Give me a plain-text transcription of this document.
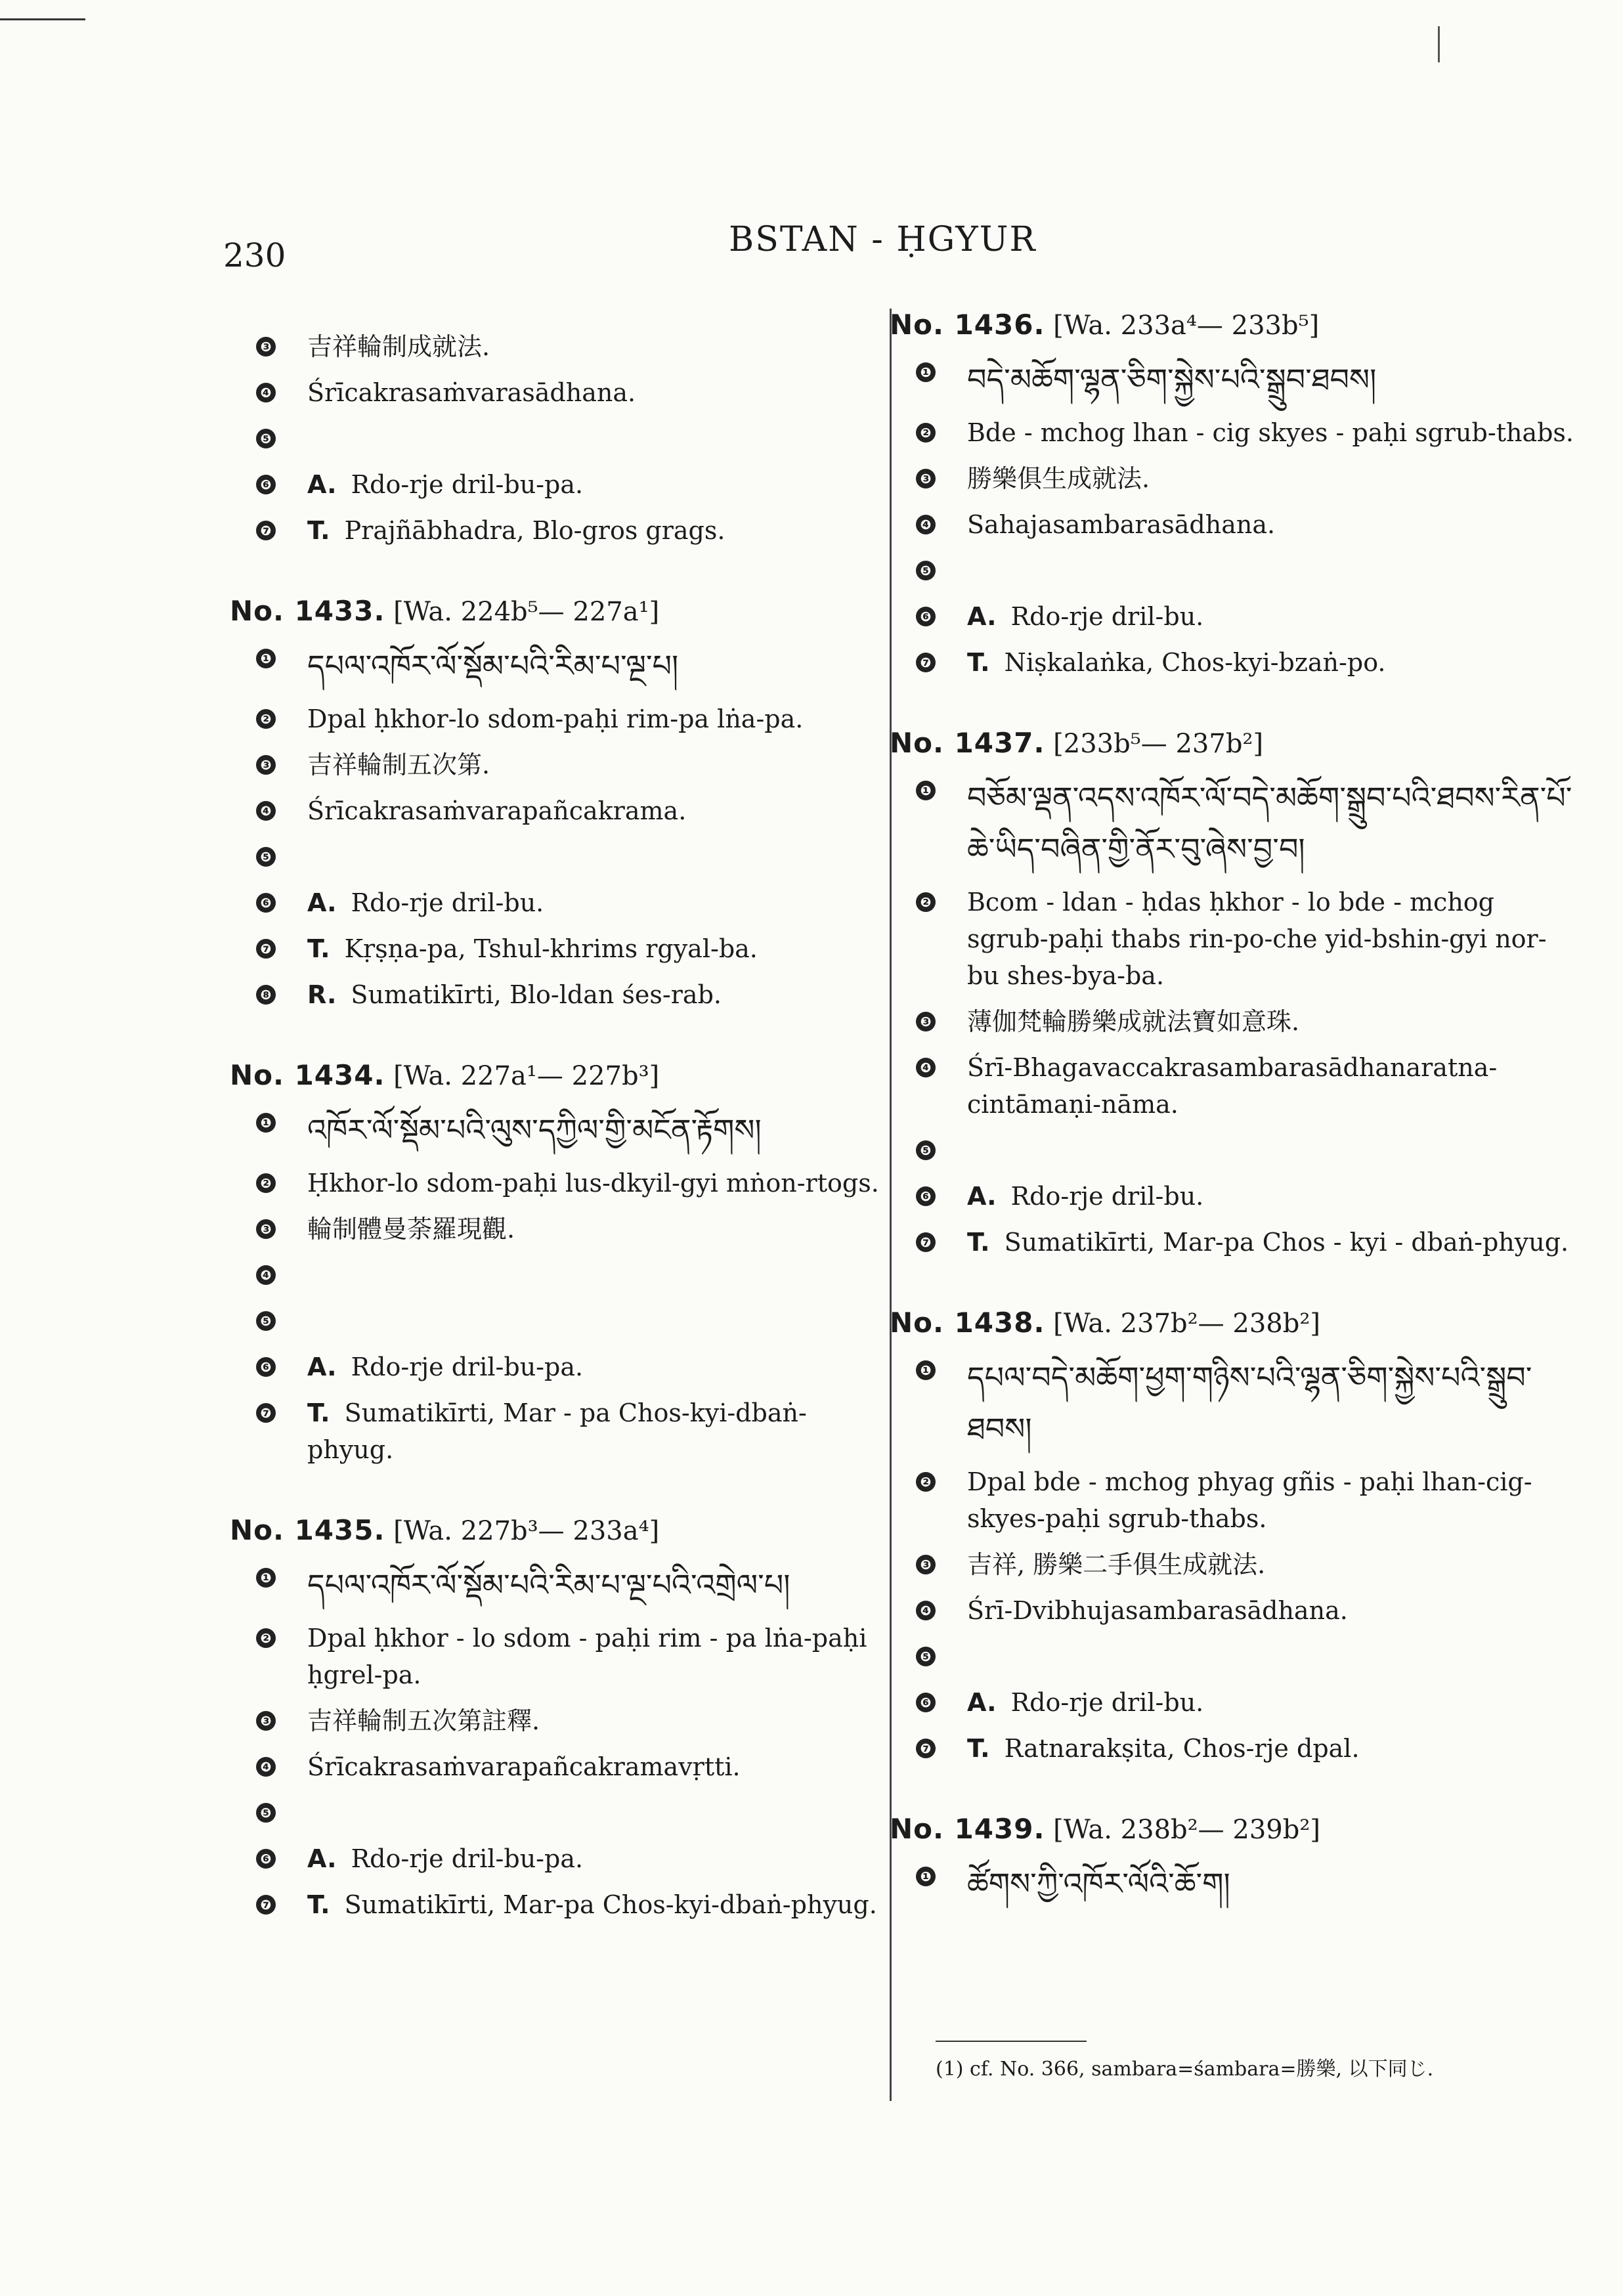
230	BSTAN - ḤGYUR
❸ 吉祥輪制成就法.
❹ Śrīcakrasaṁvarasādhana.
❺
❻ A. Rdo-rje dril-bu-pa.
❼ T. Prajñābhadra, Blo-gros grags.
No. 1433. [Wa. 224b⁵— 227a¹]
❶ དཔལ་འཁོར་ལོ་སྡོམ་པའི་རིམ་པ་ལྔ་པ།
❷ Dpal ḥkhor-lo sdom-paḥi rim-pa lṅa-pa.
❸ 吉祥輪制五次第.
❹ Śrīcakrasaṁvarapañcakrama.
❺
❻ A. Rdo-rje dril-bu.
❼ T. Kṛṣṇa-pa, Tshul-khrims rgyal-ba.
❽ R. Sumatikīrti, Blo-ldan śes-rab.
No. 1434. [Wa. 227a¹— 227b³]
❶ འཁོར་ལོ་སྡོམ་པའི་ལུས་དཀྱིལ་གྱི་མངོན་རྟོགས།
❷ Ḥkhor-lo sdom-paḥi lus-dkyil-gyi mṅon-rtogs.
❸ 輪制體曼荼羅現觀.
❹
❺
❻ A. Rdo-rje dril-bu-pa.
❼ T. Sumatikīrti, Mar - pa Chos-kyi-dbaṅ-phyug.
No. 1435. [Wa. 227b³— 233a⁴]
❶ དཔལ་འཁོར་ལོ་སྡོམ་པའི་རིམ་པ་ལྔ་པའི་འགྲེལ་པ།
❷ Dpal ḥkhor - lo sdom - paḥi rim - pa lṅa-paḥi ḥgrel-pa.
❸ 吉祥輪制五次第註釋.
❹ Śrīcakrasaṁvarapañcakramavṛtti.
❺
❻ A. Rdo-rje dril-bu-pa.
❼ T. Sumatikīrti, Mar-pa Chos-kyi-dbaṅ-phyug.
No. 1436. [Wa. 233a⁴— 233b⁵]
❶ བདེ་མཆོག་ལྷན་ཅིག་སྐྱེས་པའི་སྒྲུབ་ཐབས།
❷ Bde - mchog lhan - cig skyes - paḥi sgrub-thabs.
❸ 勝樂俱生成就法.
❹ Sahajasambarasādhana.
❺
❻ A. Rdo-rje dril-bu.
❼ T. Niṣkalaṅka, Chos-kyi-bzaṅ-po.
No. 1437. [233b⁵— 237b²]
❶ བཅོམ་ལྡན་འདས་འཁོར་ལོ་བདེ་མཆོག་སྒྲུབ་པའི་ཐབས་རིན་པོ་ཆེ་ཡིད་བཞིན་གྱི་ནོར་བུ་ཞེས་བྱ་བ།
❷ Bcom - ldan - ḥdas ḥkhor - lo bde - mchog sgrub-paḥi thabs rin-po-che yid-bshin-gyi nor-bu shes-bya-ba.
❸ 薄伽梵輪勝樂成就法寶如意珠.
❹ Śrī-Bhagavaccakrasambarasādhanaratna-cintāmaṇi-nāma.
❺
❻ A. Rdo-rje dril-bu.
❼ T. Sumatikīrti, Mar-pa Chos - kyi - dbaṅ-phyug.
No. 1438. [Wa. 237b²— 238b²]
❶ དཔལ་བདེ་མཆོག་ཕྱག་གཉིས་པའི་ལྷན་ཅིག་སྐྱེས་པའི་སྒྲུབ་ཐབས།
❷ Dpal bde - mchog phyag gñis - paḥi lhan-cig-skyes-paḥi sgrub-thabs.
❸ 吉祥, 勝樂二手俱生成就法.
❹ Śrī-Dvibhujasambarasādhana.
❺
❻ A. Rdo-rje dril-bu.
❼ T. Ratnarakṣita, Chos-rje dpal.
No. 1439. [Wa. 238b²— 239b²]
❶ ཚོགས་ཀྱི་འཁོར་ལོའི་ཆོ་ག།
(1) cf. No. 366, sambara=śambara=勝樂, 以下同じ.
